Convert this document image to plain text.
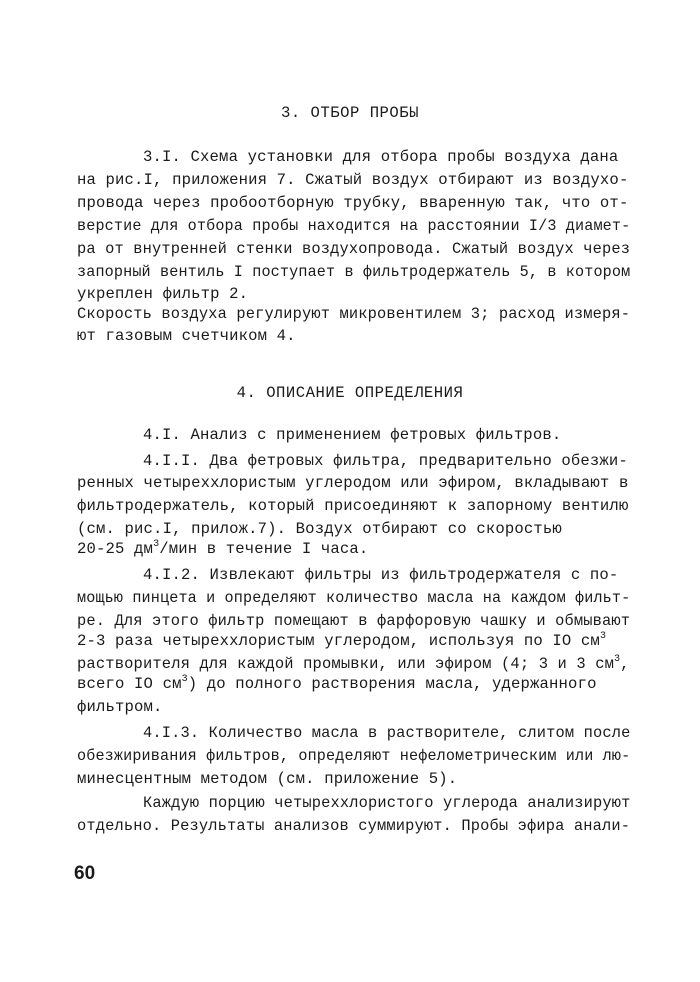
3. ОТБОР ПРОБЫ
3.I. Схема установки для отбора пробы воздуха дана
на рис.I, приложения 7. Сжатый воздух отбирают из воздухо-
провода через пробоотборную трубку, вваренную так, что от-
верстие для отбора пробы находится на расстоянии I/3 диамет-
ра от внутренней стенки воздухопровода. Сжатый воздух через
запорный вентиль I поступает в фильтродержатель 5, в котором
укреплен фильтр 2.
Скорость воздуха регулируют микровентилем 3; расход измеря-
ют газовым счетчиком 4.
4. ОПИСАНИЕ ОПРЕДЕЛЕНИЯ
4.I. Анализ с применением фетровых фильтров.
4.I.I. Два фетровых фильтра, предварительно обезжи-
ренных четыреххлористым углеродом или эфиром, вкладывают в
фильтродержатель, который присоединяют к запорному вентилю
(см. рис.I, прилож.7). Воздух отбирают со скоростью
20-25 $дм^3$/мин в течение I часа.
4.I.2. Извлекают фильтры из фильтродержателя с по-
мощью пинцета и определяют количество масла на каждом фильт-
ре. Для этого фильтр помещают в фарфоровую чашку и обмывают
2-3 раза четыреххлористым углеродом, используя по IO $см^3$
растворителя для каждой промывки, или эфиром (4; 3 и 3 $см^3$,
всего IO $см^3$) до полного растворения масла, удержанного
фильтром.
4.I.3. Количество масла в растворителе, слитом после
обезжиривания фильтров, определяют нефелометрическим или лю-
минесцентным методом (см. приложение 5).
Каждую порцию четыреххлористого углерода анализируют
отдельно. Результаты анализов суммируют. Пробы эфира анали-
60
